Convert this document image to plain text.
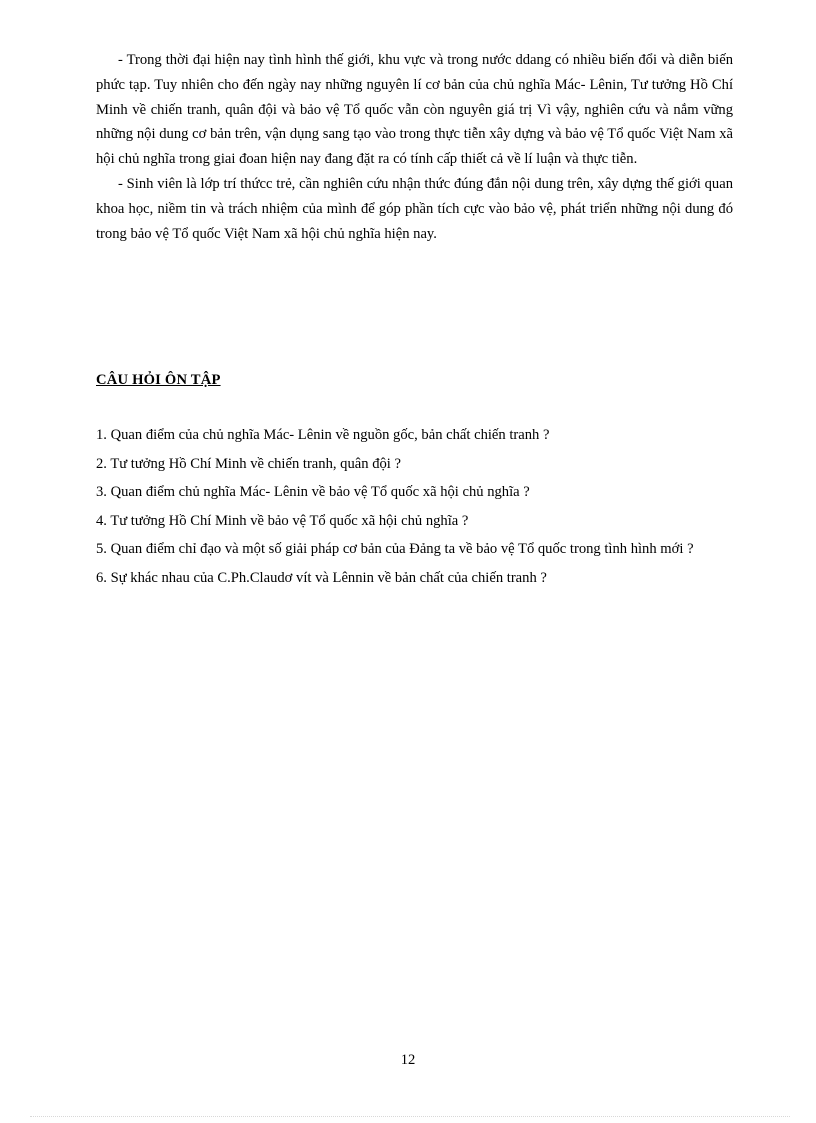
- Trong thời đại hiện nay tình hình thế giới, khu vực và trong nước ddang có nhiều biến đổi và diễn biến phức tạp. Tuy nhiên cho đến ngày nay những nguyên lí cơ bản của chủ nghĩa Mác- Lênin, Tư tưởng Hồ Chí Minh về chiến tranh, quân đội và bảo vệ Tổ quốc vẫn còn nguyên giá trị Vì vậy, nghiên cứu và nắm vững những nội dung cơ bản trên, vận dụng sang tạo vào trong thực tiễn xây dựng và bảo vệ Tổ quốc Việt Nam xã hội chủ nghĩa trong giai đoan hiện nay đang đặt ra có tính cấp thiết cả về lí luận và thực tiễn.

- Sinh viên là lớp trí thứcc trẻ, cần nghiên cứu nhận thức đúng đắn nội dung trên, xây dựng thế giới quan khoa học, niềm tin và trách nhiệm của mình để góp phần tích cực vào bảo vệ, phát triển những nội dung đó trong bảo vệ Tổ quốc Việt Nam xã hội chủ nghĩa hiện nay.

CÂU HỎI ÔN TẬP
1. Quan điểm của chủ nghĩa Mác- Lênin về nguồn gốc, bản chất chiến tranh ?
2. Tư tưởng Hồ Chí Minh về chiến tranh, quân đội ?
3. Quan điểm chủ nghĩa Mác- Lênin về bảo vệ Tổ quốc xã hội chủ nghĩa ?
4. Tư tưởng Hồ Chí Minh về bảo vệ Tổ quốc xã hội chủ nghĩa ?
5. Quan điểm chỉ đạo và một số giải pháp cơ bản của Đảng ta về bảo vệ Tổ quốc trong tình hình mới ?
6. Sự khác nhau của C.Ph.Claudơ vít và Lênnin về bản chất của chiến tranh ?
12
